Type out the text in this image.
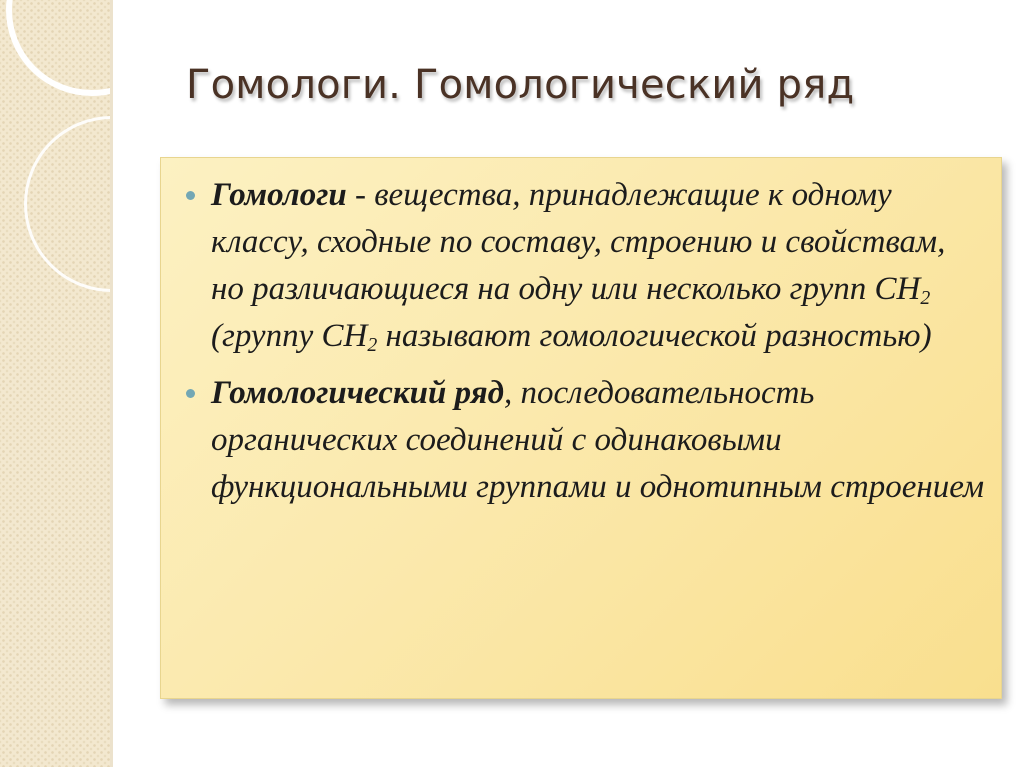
Гомологи. Гомологический ряд
Гомологи - вещества, принадлежащие к одному классу, сходные по составу, строению и свойствам, но различающиеся на одну или несколько групп $СН_2$ (группу $СН_2$ называют гомологической разностью)
Гомологический ряд, последовательность органических соединений с одинаковыми функциональными группами и однотипным строением
